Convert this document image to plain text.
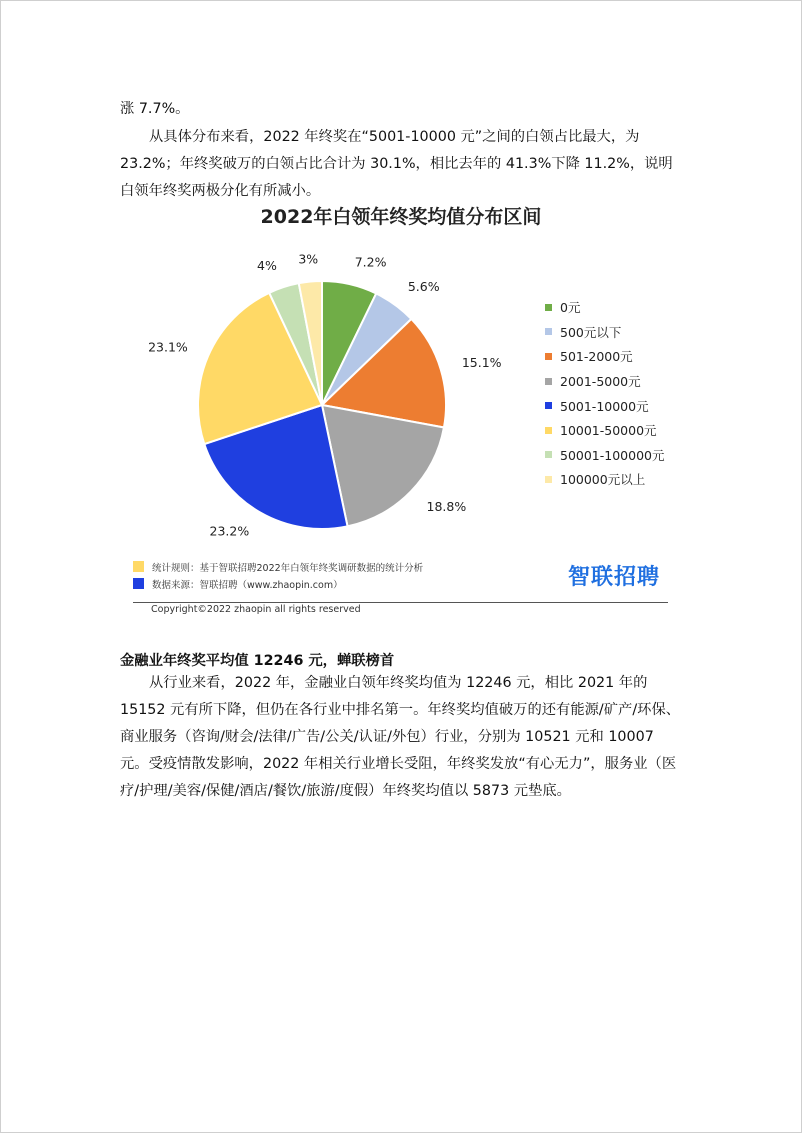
涨 7.7%。

从具体分布来看，2022 年终奖在“5001-10000 元”之间的白领占比最大，为 23.2%；年终奖破万的白领占比合计为 30.1%，相比去年的 41.3%下降 11.2%，说明白领年终奖两极分化有所减小。

2022年白领年终奖均值分布区间
7.2%
5.6%
15.1%
18.8%
23.2%
23.1%
4% 3%
0元
500元以下
501-2000元
2001-5000元
5001-10000元
10001-50000元
50001-100000元
100000元以上
统计规则：基于智联招聘2022年白领年终奖调研数据的统计分析
数据来源：智联招聘（www.zhaopin.com）	智联招聘
Copyright©2022 zhaopin all rights reserved

金融业年终奖平均值 12246 元，蝉联榜首

从行业来看，2022 年，金融业白领年终奖均值为 12246 元，相比 2021 年的 15152 元有所下降，但仍在各行业中排名第一。年终奖均值破万的还有能源/矿产/环保、商业服务（咨询/财会/法律/广告/公关/认证/外包）行业，分别为 10521 元和 10007 元。受疫情散发影响，2022 年相关行业增长受阻，年终奖发放“有心无力”，服务业（医疗/护理/美容/保健/酒店/餐饮/旅游/度假）年终奖均值以 5873 元垫底。
